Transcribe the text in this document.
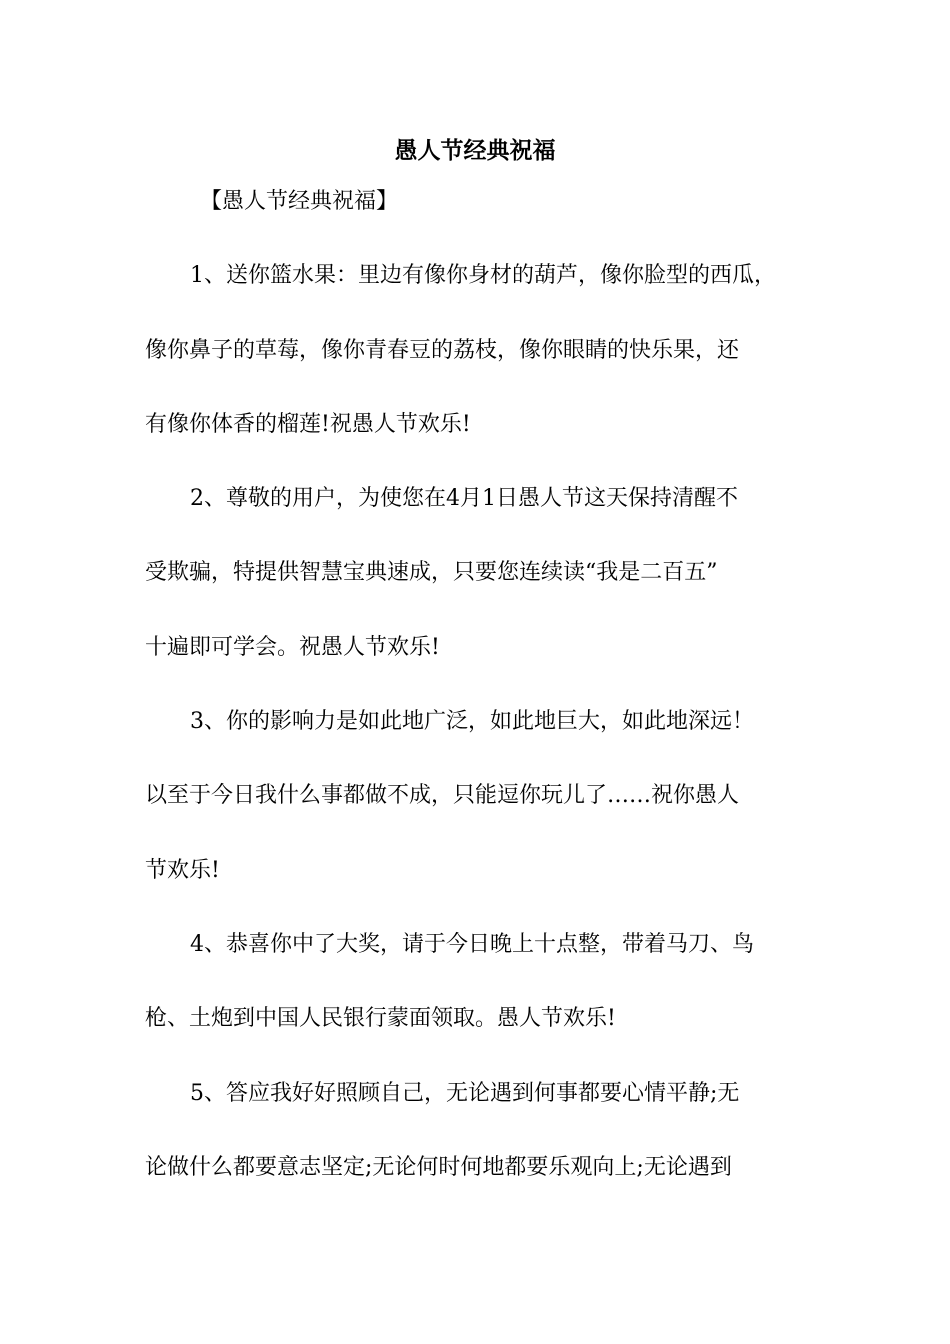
愚人节经典祝福

【愚人节经典祝福】

1、送你篮水果：里边有像你身材的葫芦，像你脸型的西瓜，

像你鼻子的草莓，像你青春豆的荔枝，像你眼睛的快乐果，还

有像你体香的榴莲!祝愚人节欢乐!

2、尊敬的用户，为使您在4月1日愚人节这天保持清醒不

受欺骗，特提供智慧宝典速成，只要您连续读“我是二百五”

十遍即可学会。祝愚人节欢乐!

3、你的影响力是如此地广泛，如此地巨大，如此地深远！

以至于今日我什么事都做不成，只能逗你玩儿了……祝你愚人

节欢乐!

4、恭喜你中了大奖，请于今日晚上十点整，带着马刀、鸟

枪、土炮到中国人民银行蒙面领取。愚人节欢乐!

5、答应我好好照顾自己，无论遇到何事都要心情平静;无

论做什么都要意志坚定;无论何时何地都要乐观向上;无论遇到
